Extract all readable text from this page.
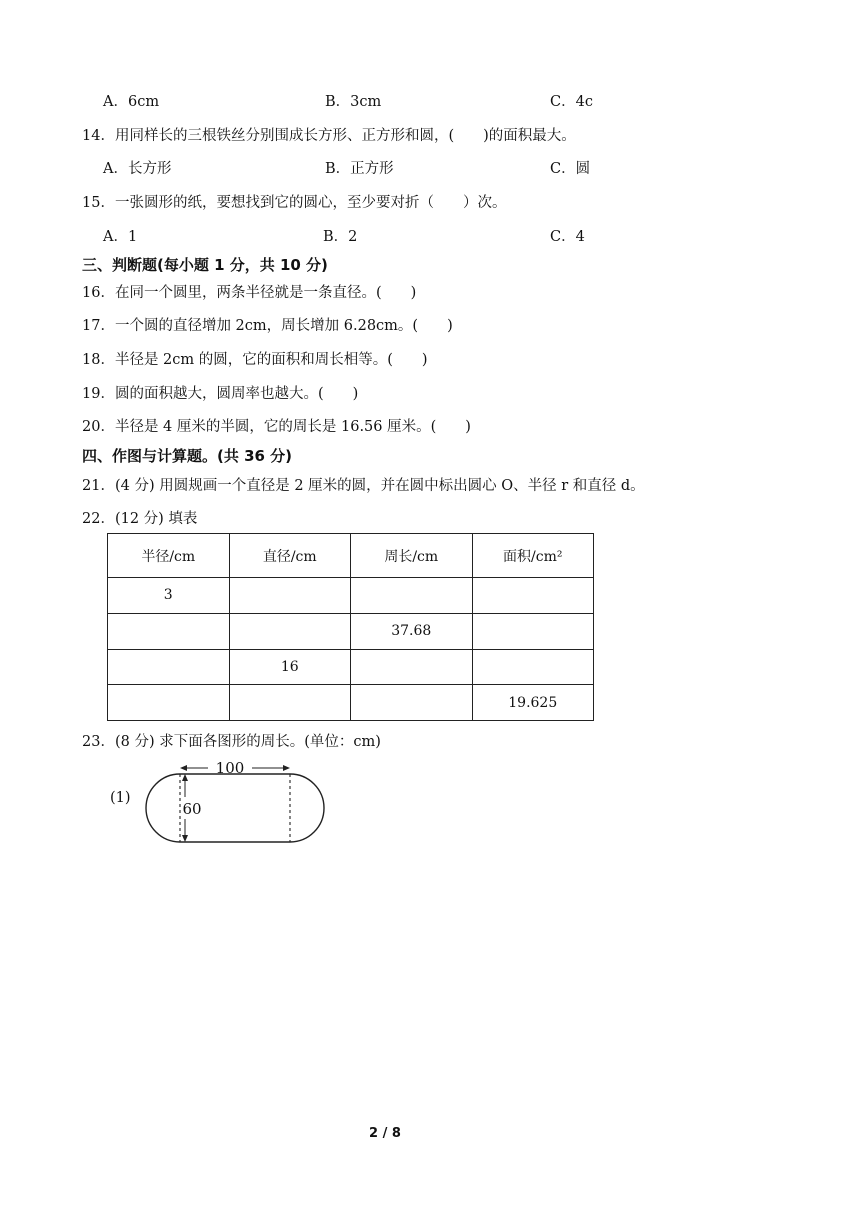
A．6cm	B．3cm	C．4c
14．用同样长的三根铁丝分别围成长方形、正方形和圆，(　　)的面积最大。
A．长方形	B．正方形	C．圆
15．一张圆形的纸，要想找到它的圆心，至少要对折（　　）次。
A．1	B．2	C．4
三、判断题(每小题 1 分，共 10 分)
16．在同一个圆里，两条半径就是一条直径。(　　)
17．一个圆的直径增加 2cm，周长增加 6.28cm。(　　)
18．半径是 2cm 的圆，它的面积和周长相等。(　　)
19．圆的面积越大，圆周率也越大。(　　)
20．半径是 4 厘米的半圆，它的周长是 16.56 厘米。(　　)
四、作图与计算题。(共 36 分)
21．(4 分) 用圆规画一个直径是 2 厘米的圆，并在圆中标出圆心 O、半径 r 和直径 d。
22．(12 分) 填表
半径/cm	直径/cm	周长/cm	面积/cm²
3			
		37.68	
	16		
			19.625
23．(8 分) 求下面各图形的周长。(单位：cm)
(1)
100
60
2 / 8
